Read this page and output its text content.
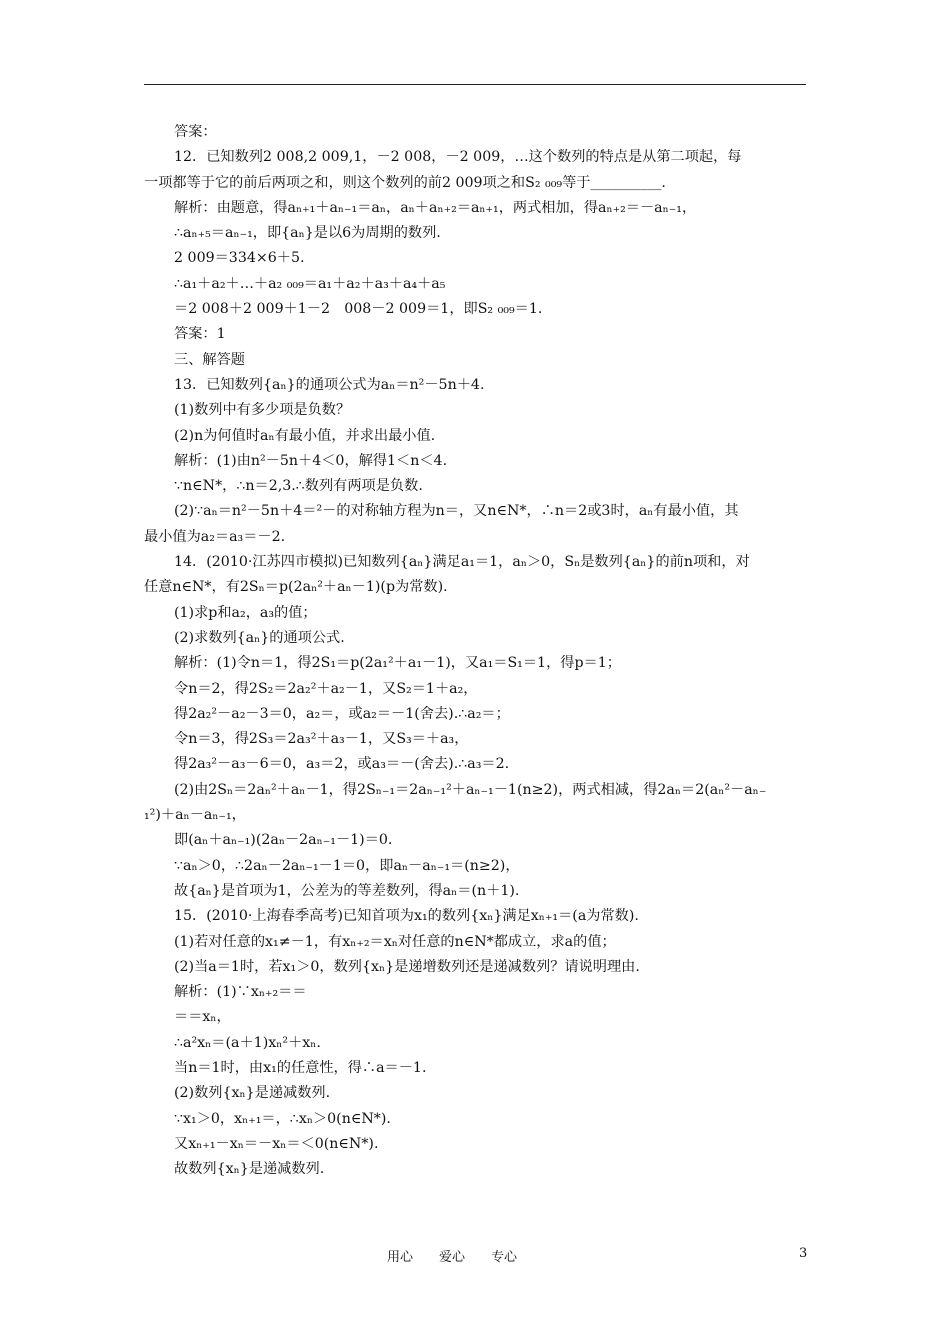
答案：
12．已知数列2 008,2 009,1，－2 008，－2 009，…这个数列的特点是从第二项起，每
一项都等于它的前后两项之和，则这个数列的前2 009项之和S₂ ₀₀₉等于__________.
解析：由题意，得aₙ₊₁＋aₙ₋₁＝aₙ，aₙ＋aₙ₊₂＝aₙ₊₁，两式相加，得aₙ₊₂＝－aₙ₋₁，
∴aₙ₊₅＝aₙ₋₁，即{aₙ}是以6为周期的数列.
2 009＝334×6＋5.
∴a₁＋a₂＋…＋a₂ ₀₀₉＝a₁＋a₂＋a₃＋a₄＋a₅
＝2 008＋2 009＋1－2　008－2 009＝1，即S₂ ₀₀₉＝1.
答案：1
三、解答题
13．已知数列{aₙ}的通项公式为aₙ＝n²－5n＋4.
(1)数列中有多少项是负数？
(2)n为何值时aₙ有最小值，并求出最小值.
解析：(1)由n²－5n＋4＜0，解得1＜n＜4.
∵n∈N*，∴n＝2,3.∴数列有两项是负数.
(2)∵aₙ＝n²－5n＋4＝²－的对称轴方程为n＝，又n∈N*，∴n＝2或3时，aₙ有最小值，其
最小值为a₂＝a₃＝－2.
14．(2010·江苏四市模拟)已知数列{aₙ}满足a₁＝1，aₙ＞0，Sₙ是数列{aₙ}的前n项和，对
任意n∈N*，有2Sₙ＝p(2aₙ²＋aₙ－1)(p为常数).
(1)求p和a₂，a₃的值；
(2)求数列{aₙ}的通项公式.
解析：(1)令n＝1，得2S₁＝p(2a₁²＋a₁－1)，又a₁＝S₁＝1，得p＝1；
令n＝2，得2S₂＝2a₂²＋a₂－1，又S₂＝1＋a₂，
得2a₂²－a₂－3＝0，a₂＝，或a₂＝－1(舍去).∴a₂＝；
令n＝3，得2S₃＝2a₃²＋a₃－1，又S₃＝＋a₃，
得2a₃²－a₃－6＝0，a₃＝2，或a₃＝－(舍去).∴a₃＝2.
(2)由2Sₙ＝2aₙ²＋aₙ－1，得2Sₙ₋₁＝2aₙ₋₁²＋aₙ₋₁－1(n≥2)，两式相减，得2aₙ＝2(aₙ²－aₙ₋
₁²)＋aₙ－aₙ₋₁，
即(aₙ＋aₙ₋₁)(2aₙ－2aₙ₋₁－1)＝0.
∵aₙ＞0，∴2aₙ－2aₙ₋₁－1＝0，即aₙ－aₙ₋₁＝(n≥2)，
故{aₙ}是首项为1，公差为的等差数列，得aₙ＝(n＋1).
15．(2010·上海春季高考)已知首项为x₁的数列{xₙ}满足xₙ₊₁＝(a为常数).
(1)若对任意的x₁≠－1，有xₙ₊₂＝xₙ对任意的n∈N*都成立，求a的值；
(2)当a＝1时，若x₁＞0，数列{xₙ}是递增数列还是递减数列？请说明理由.
解析：(1)∵xₙ₊₂＝＝
＝＝xₙ，
∴a²xₙ＝(a＋1)xₙ²＋xₙ.
当n＝1时，由x₁的任意性，得∴a＝－1.
(2)数列{xₙ}是递减数列.
∵x₁＞0，xₙ₊₁＝，∴xₙ＞0(n∈N*).
又xₙ₊₁－xₙ＝－xₙ＝＜0(n∈N*).
故数列{xₙ}是递减数列.
用心　　爱心　　专心	3
